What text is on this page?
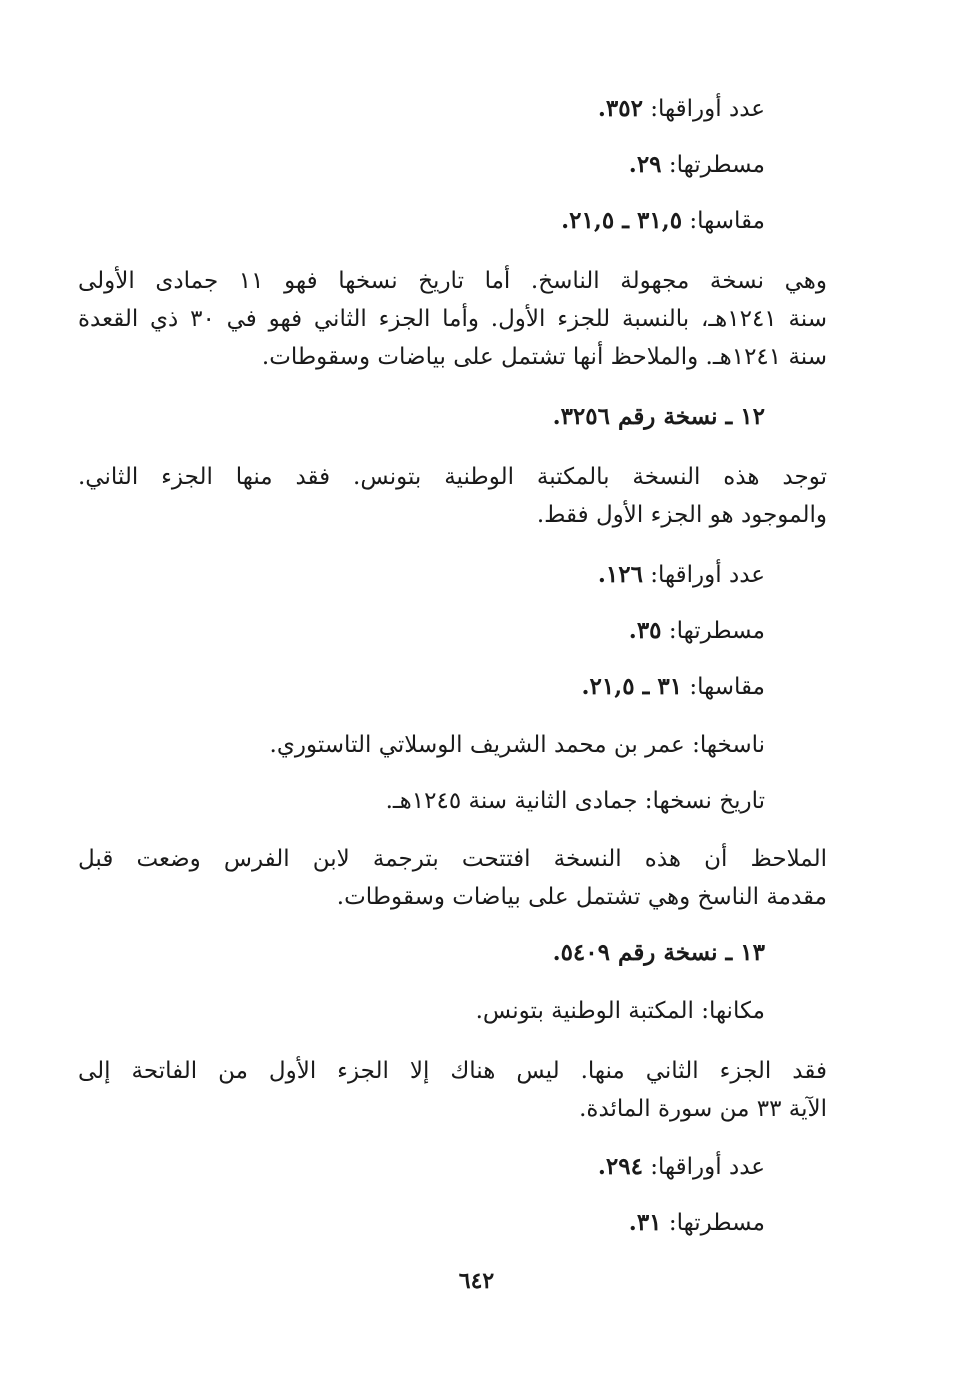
عدد أوراقها: ٣٥٢.
مسطرتها: ٢٩.
مقاسها: ٣١,٥ ـ ٢١,٥.
وهي نسخة مجهولة الناسخ. أما تاريخ نسخها فهو ١١ جمادى الأولى
سنة ١٢٤١هـ، بالنسبة للجزء الأول. وأما الجزء الثاني فهو في ٣٠ ذي القعدة
سنة ١٢٤١هـ. والملاحظ أنها تشتمل على بياضات وسقوطات.
١٢ ـ نسخة رقم ٣٢٥٦.
توجد هذه النسخة بالمكتبة الوطنية بتونس. فقد منها الجزء الثاني.
والموجود هو الجزء الأول فقط.
عدد أوراقها: ١٢٦.
مسطرتها: ٣٥.
مقاسها: ٣١ ـ ٢١,٥.
ناسخها: عمر بن محمد الشريف الوسلاتي التاستوري.
تاريخ نسخها: جمادى الثانية سنة ١٢٤٥هـ.
الملاحظ أن هذه النسخة افتتحت بترجمة لابن الفرس وضعت قبل
مقدمة الناسخ وهي تشتمل على بياضات وسقوطات.
١٣ ـ نسخة رقم ٥٤٠٩.
مكانها: المكتبة الوطنية بتونس.
فقد الجزء الثاني منها. ليس هناك إلا الجزء الأول من الفاتحة إلى
الآية ٣٣ من سورة المائدة.
عدد أوراقها: ٢٩٤.
مسطرتها: ٣١.
٦٤٢
